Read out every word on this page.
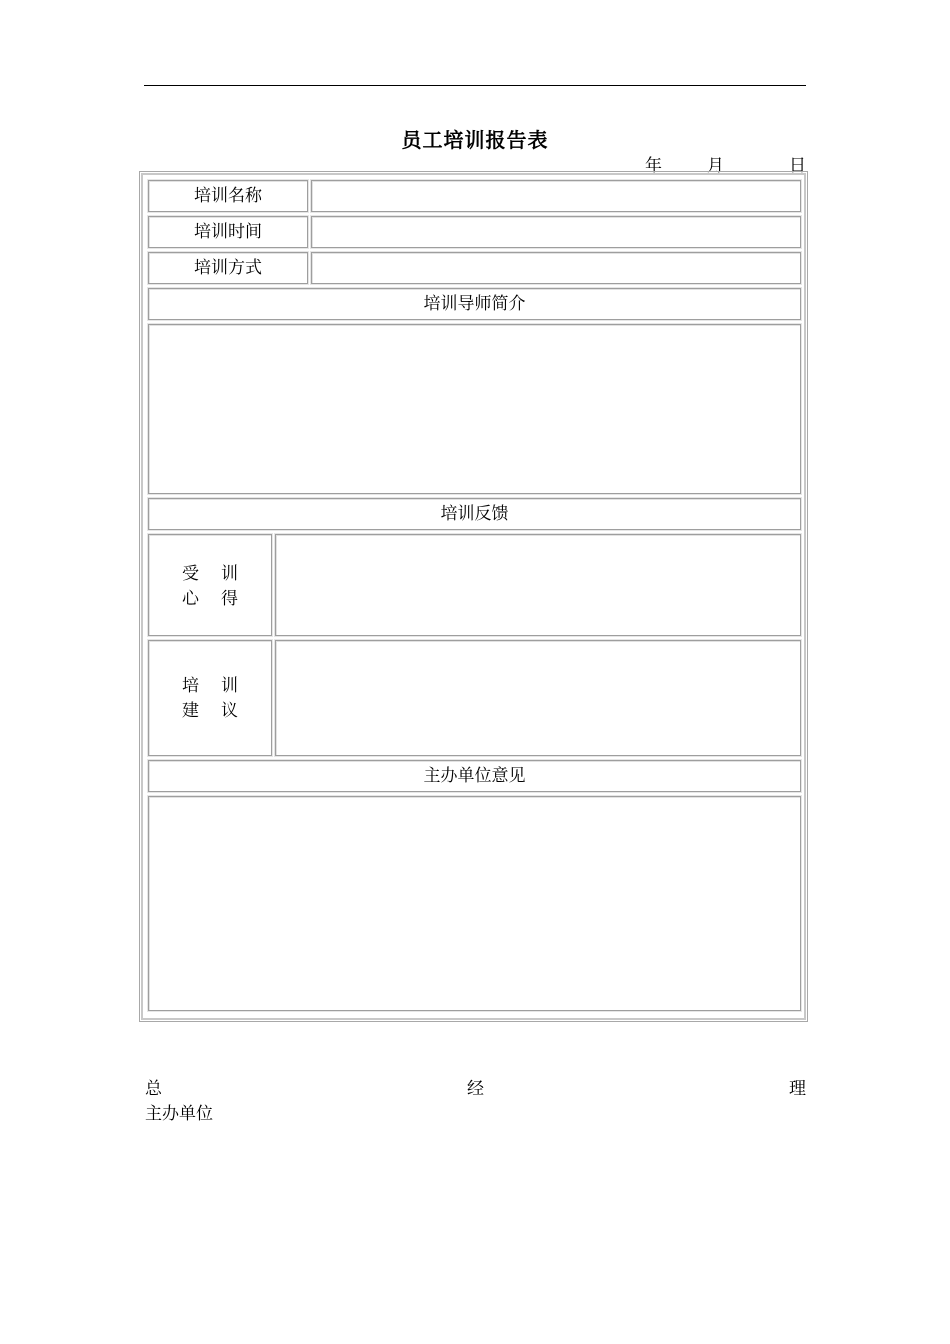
员工培训报告表
年	月	日
培训名称
培训时间
培训方式
培训导师简介
培训反馈
受训
心得
培训
建议
主办单位意见
总	经	理
主办单位
